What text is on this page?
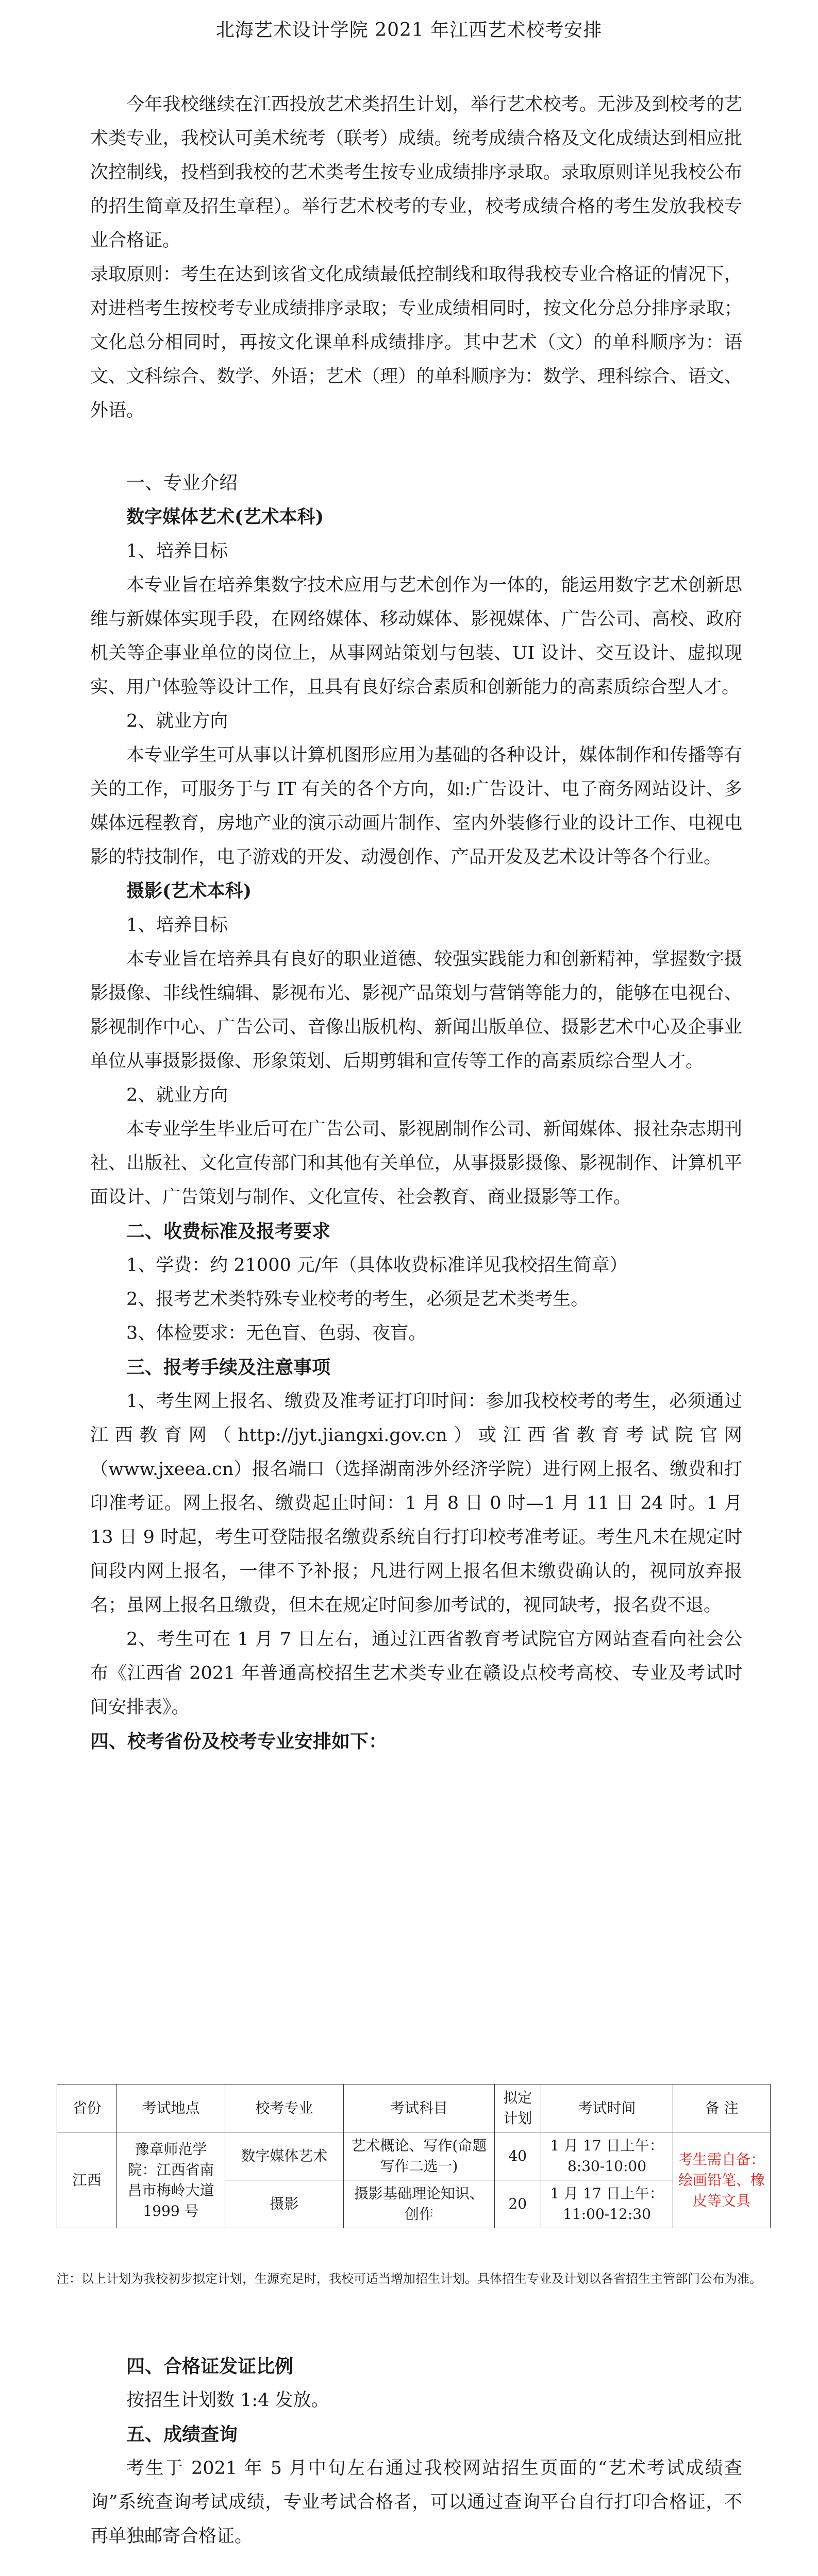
北海艺术设计学院 2021 年江西艺术校考安排

今年我校继续在江西投放艺术类招生计划，举行艺术校考。无涉及到校考的艺术类专业，我校认可美术统考（联考）成绩。统考成绩合格及文化成绩达到相应批次控制线，投档到我校的艺术类考生按专业成绩排序录取。录取原则详见我校公布的招生简章及招生章程）。举行艺术校考的专业，校考成绩合格的考生发放我校专业合格证。

录取原则：考生在达到该省文化成绩最低控制线和取得我校专业合格证的情况下，对进档考生按校考专业成绩排序录取；专业成绩相同时，按文化分总分排序录取；文化总分相同时，再按文化课单科成绩排序。其中艺术（文）的单科顺序为：语文、文科综合、数学、外语；艺术（理）的单科顺序为：数学、理科综合、语文、外语。

一、专业介绍

数字媒体艺术(艺术本科)

1、培养目标

本专业旨在培养集数字技术应用与艺术创作为一体的，能运用数字艺术创新思维与新媒体实现手段，在网络媒体、移动媒体、影视媒体、广告公司、高校、政府机关等企事业单位的岗位上，从事网站策划与包装、UI 设计、交互设计、虚拟现实、用户体验等设计工作，且具有良好综合素质和创新能力的高素质综合型人才。

2、就业方向

本专业学生可从事以计算机图形应用为基础的各种设计，媒体制作和传播等有关的工作，可服务于与 IT 有关的各个方向，如:广告设计、电子商务网站设计、多媒体远程教育，房地产业的演示动画片制作、室内外装修行业的设计工作、电视电影的特技制作，电子游戏的开发、动漫创作、产品开发及艺术设计等各个行业。

摄影(艺术本科)

1、培养目标

本专业旨在培养具有良好的职业道德、较强实践能力和创新精神，掌握数字摄影摄像、非线性编辑、影视布光、影视产品策划与营销等能力的，能够在电视台、影视制作中心、广告公司、音像出版机构、新闻出版单位、摄影艺术中心及企事业单位从事摄影摄像、形象策划、后期剪辑和宣传等工作的高素质综合型人才。

2、就业方向

本专业学生毕业后可在广告公司、影视剧制作公司、新闻媒体、报社杂志期刊社、出版社、文化宣传部门和其他有关单位，从事摄影摄像、影视制作、计算机平面设计、广告策划与制作、文化宣传、社会教育、商业摄影等工作。

二、收费标准及报考要求

1、学费：约 21000 元/年（具体收费标准详见我校招生简章）

2、报考艺术类特殊专业校考的考生，必须是艺术类考生。

3、体检要求：无色盲、色弱、夜盲。

三、报考手续及注意事项

1、考生网上报名、缴费及准考证打印时间：参加我校校考的考生，必须通过江西教育网（http://jyt.jiangxi.gov.cn）或江西省教育考试院官网（www.jxeea.cn）报名端口（选择湖南涉外经济学院）进行网上报名、缴费和打印准考证。网上报名、缴费起止时间：1 月 8 日 0 时—1 月 11 日 24 时。1 月 13 日 9 时起，考生可登陆报名缴费系统自行打印校考准考证。考生凡未在规定时间段内网上报名，一律不予补报；凡进行网上报名但未缴费确认的，视同放弃报名；虽网上报名且缴费，但未在规定时间参加考试的，视同缺考，报名费不退。

2、考生可在 1 月 7 日左右，通过江西省教育考试院官方网站查看向社会公布《江西省 2021 年普通高校招生艺术类专业在赣设点校考高校、专业及考试时间安排表》。

四、校考省份及校考专业安排如下：

省份	考试地点	校考专业	考试科目	拟定计划	考试时间	备 注
江西	豫章师范学院：江西省南昌市梅岭大道 1999 号	数字媒体艺术	艺术概论、写作(命题写作二选一)	40	1 月 17 日上午：8:30-10:00	考生需自备：绘画铅笔、橡皮等文具
		摄影	摄影基础理论知识、创作	20	1 月 17 日上午：11:00-12:30	
注：以上计划为我校初步拟定计划，生源充足时，我校可适当增加招生计划。具体招生专业及计划以各省招生主管部门公布为准。

四、合格证发证比例

按招生计划数 1:4 发放。

五、成绩查询

考生于 2021 年 5 月中旬左右通过我校网站招生页面的“艺术考试成绩查询”系统查询考试成绩，专业考试合格者，可以通过查询平台自行打印合格证，不再单独邮寄合格证。
